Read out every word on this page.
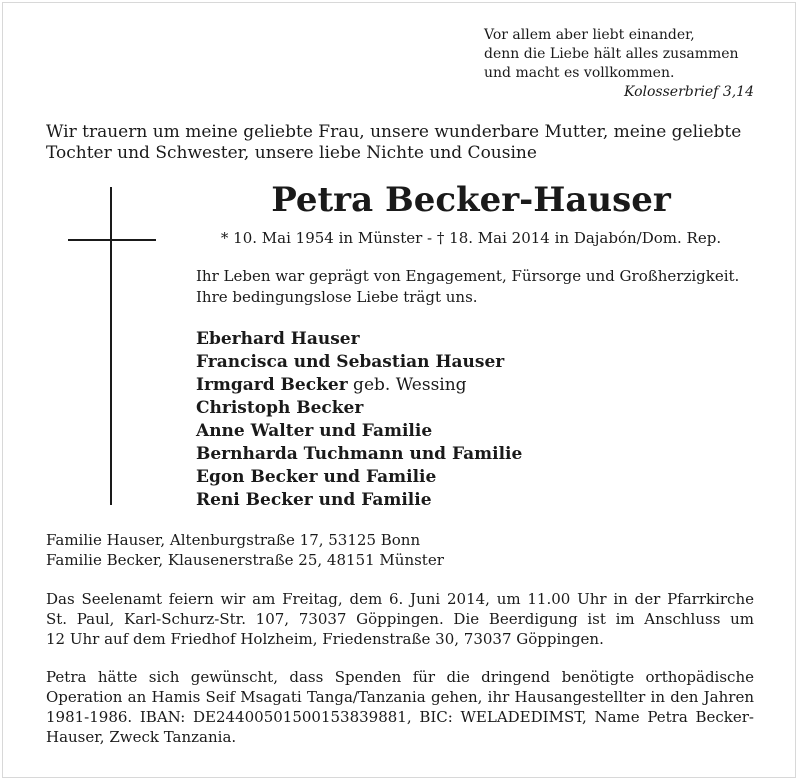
Vor allem aber liebt einander,
denn die Liebe hält alles zusammen
und macht es vollkommen.
Kolosserbrief 3,14
Wir trauern um meine geliebte Frau, unsere wunderbare Mutter, meine geliebte
Tochter und Schwester, unsere liebe Nichte und Cousine
Petra Becker-Hauser
* 10. Mai 1954 in Münster - † 18. Mai 2014 in Dajabón/Dom. Rep.
Ihr Leben war geprägt von Engagement, Fürsorge und Großherzigkeit.
Ihre bedingungslose Liebe trägt uns.
Eberhard Hauser
Francisca und Sebastian Hauser
Irmgard Becker geb. Wessing
Christoph Becker
Anne Walter und Familie
Bernharda Tuchmann und Familie
Egon Becker und Familie
Reni Becker und Familie
Familie Hauser, Altenburgstraße 17, 53125 Bonn
Familie Becker, Klausenerstraße 25, 48151 Münster
Das Seelenamt feiern wir am Freitag, dem 6. Juni 2014, um 11.00 Uhr in der Pfarrkirche
St. Paul, Karl-Schurz-Str. 107, 73037 Göppingen. Die Beerdigung ist im Anschluss um
12 Uhr auf dem Friedhof Holzheim, Friedenstraße 30, 73037 Göppingen.
Petra hätte sich gewünscht, dass Spenden für die dringend benötigte orthopädische
Operation an Hamis Seif Msagati Tanga/Tanzania gehen, ihr Hausangestellter in den Jahren
1981-1986. IBAN: DE24400501500153839881, BIC: WELADEDIMST, Name Petra Becker-
Hauser, Zweck Tanzania.
